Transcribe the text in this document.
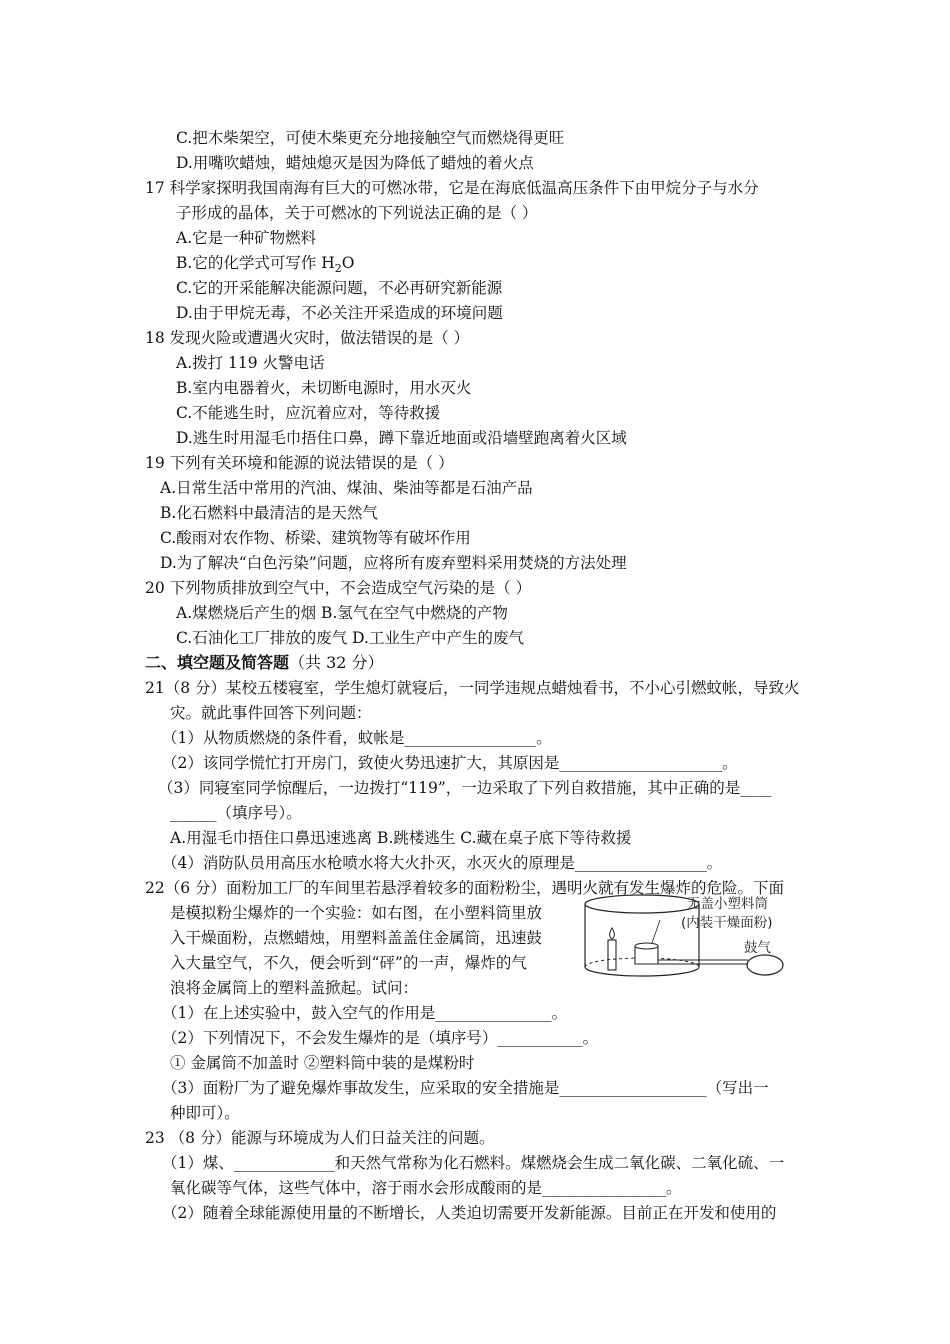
C.把木柴架空，可使木柴更充分地接触空气而燃烧得更旺
D.用嘴吹蜡烛，蜡烛熄灭是因为降低了蜡烛的着火点
17 科学家探明我国南海有巨大的可燃冰带，它是在海底低温高压条件下由甲烷分子与水分
子形成的晶体，关于可燃冰的下列说法正确的是（ ）
A.它是一种矿物燃料
C.它的开采能解决能源问题，不必再研究新能源
D.由于甲烷无毒，不必关注开采造成的环境问题
18 发现火险或遭遇火灾时，做法错误的是（ ）
A.拨打 119 火警电话
B.室内电器着火，未切断电源时，用水灭火
C.不能逃生时，应沉着应对，等待救援
D.逃生时用湿毛巾捂住口鼻，蹲下靠近地面或沿墙壁跑离着火区域
19 下列有关环境和能源的说法错误的是（ ）
A.日常生活中常用的汽油、煤油、柴油等都是石油产品
B.化石燃料中最清洁的是天然气
C.酸雨对农作物、桥梁、建筑物等有破坏作用
D.为了解决“白色污染”问题，应将所有废弃塑料采用焚烧的方法处理
20 下列物质排放到空气中，不会造成空气污染的是（ ）
A.煤燃烧后产生的烟 B.氢气在空气中燃烧的产物
C.石油化工厂排放的废气 D.工业生产中产生的废气
21（8 分）某校五楼寝室，学生熄灯就寝后，一同学违规点蜡烛看书，不小心引燃蚊帐，导致火
灾。就此事件回答下列问题：
（1）从物质燃烧的条件看，蚊帐是_________________。
（2）该同学慌忙打开房门，致使火势迅速扩大，其原因是_____________________。
（3）同寝室同学惊醒后，一边拨打“119”，一边采取了下列自救措施，其中正确的是____
______（填序号）。
A.用湿毛巾捂住口鼻迅速逃离 B.跳楼逃生 C.藏在桌子底下等待救援
（4）消防队员用高压水枪喷水将大火扑灭，水灭火的原理是_________________。
22（6 分）面粉加工厂的车间里若悬浮着较多的面粉粉尘，遇明火就有发生爆炸的危险。下面
是模拟粉尘爆炸的一个实验：如右图，在小塑料筒里放
入干燥面粉，点燃蜡烛，用塑料盖盖住金属筒，迅速鼓
入大量空气，不久，便会听到“砰”的一声，爆炸的气
浪将金属筒上的塑料盖掀起。试问：
（1）在上述实验中，鼓入空气的作用是_______________。
（2）下列情况下，不会发生爆炸的是（填序号）___________。
① 金属筒不加盖时 ②塑料筒中装的是煤粉时
（3）面粉厂为了避免爆炸事故发生，应采取的安全措施是___________________（写出一
种即可）。
23 （8 分）能源与环境成为人们日益关注的问题。
（1）煤、_____________和天然气常称为化石燃料。煤燃烧会生成二氧化碳、二氧化硫、一
氧化碳等气体，这些气体中，溶于雨水会形成酸雨的是________________。
（2）随着全球能源使用量的不断增长，人类迫切需要开发新能源。目前正在开发和使用的
B.它的化学式可写作 $H_2O$
二、填空题及简答题（共 32 分）
无盖小塑料筒
(内装干燥面粉)
鼓气
